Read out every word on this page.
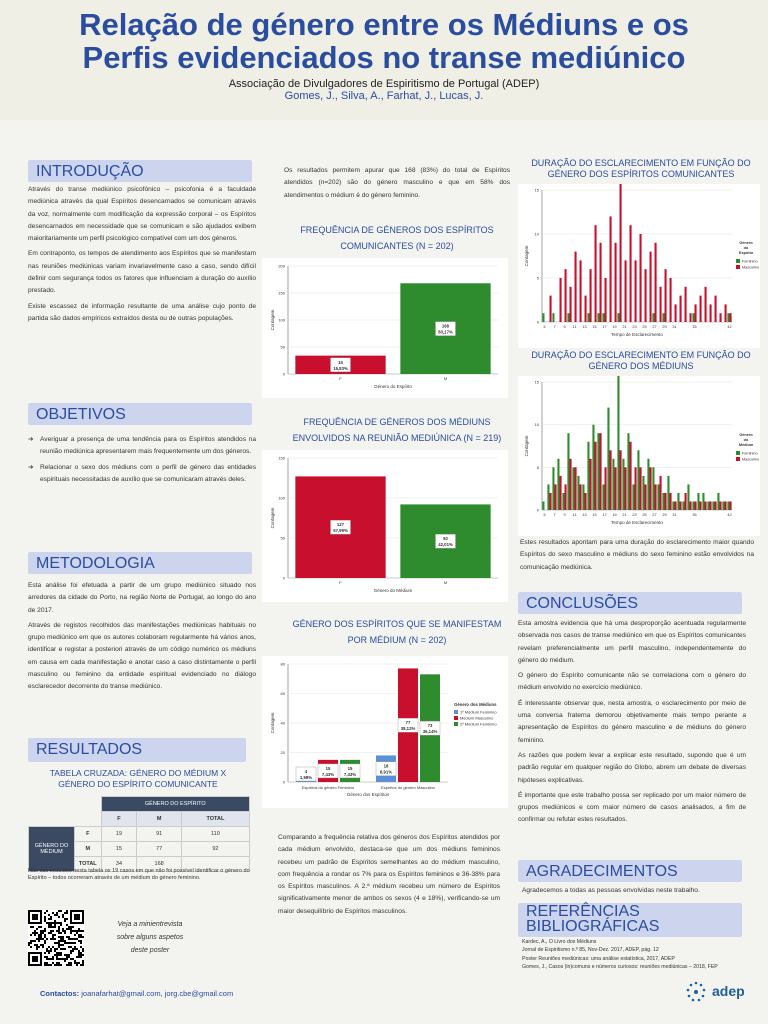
Relação de género entre os Médiuns e os
Perfis evidenciados no transe mediúnico
Associação de Divulgadores de Espiritismo de Portugal (ADEP)
Gomes, J., Silva, A., Farhat, J., Lucas, J.
INTRODUÇÃO

Através do transe mediúnico psicofónico – psicofonia é a faculdade mediúnica através da qual Espíritos desencarnados se comunicam através da voz, normalmente com modificação da expressão corporal – os Espíritos desencarnados em necessidade que se comunicam e são ajudados exibem maioritariamente um perfil psicológico compatível com um dos géneros.

Em contraponto, os tempos de atendimento aos Espíritos que se manifestam nas reuniões mediúnicas variam invariavelmente caso a caso, sendo difícil definir com segurança todos os fatores que influenciam a duração do auxílio prestado.

Existe escassez de informação resultante de uma análise cujo ponto de partida são dados empíricos extraídos desta ou de outras populações.

OBJETIVOS

➔ Averiguar a presença de uma tendência para os Espíritos atendidos na reunião mediúnica apresentarem mais frequentemente um dos géneros.

➔ Relacionar o sexo dos médiuns com o perfil de género das entidades espirituais necessitadas de auxílio que se comunicaram através deles.

METODOLOGIA

Esta análise foi efetuada a partir de um grupo mediúnico situado nos arredores da cidade do Porto, na região Norte de Portugal, ao longo do ano de 2017.

Através de registos recolhidos das manifestações mediúnicas habituais no grupo mediúnico em que os autores colaboram regularmente há vários anos, identificar e registar a posteriori através de um código numérico os médiuns em causa em cada manifestação e anotar caso a caso distintamente o perfil masculino ou feminino da entidade espiritual evidenciado no diálogo esclarecedor decorrente do transe mediúnico.

RESULTADOS
TABELA CRUZADA: GÉNERO DO MÉDIUM X
GÉNERO DO ESPÍRITO COMUNICANTE
		GÉNERO DO ESPÍRITO		
		F	M	TOTAL
GÉNERO DO MÉDIUM	F	19	91	110
	M	15	77	92
	TOTAL	34	168	
Não são incluídos nesta tabela os 19 casos em que não foi possível identificar o género do Espírito – todos ocorreram através de um médium do género feminino.
Veja a minientrevista
sobre alguns aspetos
deste poster
Contactos: joanafarhat@gmail.com, jorg.cbe@gmail.com
Os resultados permitem apurar que 168 (83%) do total de Espíritos atendidos (n=202) são do género masculino e que em 58% dos atendimentos o médium é do género feminino.
FREQUÊNCIA DE GÉNEROS DOS ESPÍRITOS COMUNICANTES (N = 202)
0
50
100
150
200
Género do Espírito
Contagem
34
16,83%
F
168
83,17%
M
FREQUÊNCIA DE GÉNEROS DOS MÉDIUNS ENVOLVIDOS NA REUNIÃO MEDIÚNICA (N = 219)
0
50
100
150
Género do Médium
Contagem	127
57,99%
F
92
42,01%
M
GÉNERO DOS ESPÍRITOS QUE SE MANIFESTAM POR MÉDIUM (N = 202)
0
20
40
60
80
Género dos Espíritos
Contagem
4
1,98%
15
7,43%
15
7,43%
Espíritos do género Feminino
18
8,91%
77
38,12%
73
36,14%
Espíritos do género Masculino
Género dos Médiuns
1º Médium Feminino
Médium Masculino
2º Médium Feminino
Comparando a frequência relativa dos géneros dos Espíritos atendidos por cada médium envolvido, destaca-se que um dos médiuns femininos recebeu um padrão de Espíritos semelhantes ao do médium masculino, com frequência a rondar os 7% para os Espíritos femininos e 36-38% para os Espíritos masculinos. A 2.ª médium recebeu um número de Espíritos significativamente menor de ambos os sexos (4 e 18%), verificando-se um maior desequilíbrio de Espíritos masculinos.
DURAÇÃO DO ESCLARECIMENTO EM FUNÇÃO DO GÉNERO DOS ESPÍRITOS COMUNICANTES
0
5
10
15
Tempo de Esclarecimento
Contagem
5 7 9 11 13 15 17 19 21 23 25 27 29 31	35	42
Género
do
Espírito
Feminino
Masculino
DURAÇÃO DO ESCLARECIMENTO EM FUNÇÃO DO GÉNERO DOS MÉDIUNS
0
5
10
15
Tempo de Esclarecimento
Contagem
5 7 9 11 13 15 17 19 21 23 25 27 29 31	35	42
Género
do
Médium
Feminino
Masculino
Estes resultados apontam para uma duração do esclarecimento maior quando Espíritos do sexo masculino e médiuns do sexo feminino estão envolvidos na comunicação mediúnica.
CONCLUSÕES

Esta amostra evidencia que há uma desproporção acentuada regularmente observada nos casos de transe mediúnico em que os Espíritos comunicantes revelam preferencialmente um perfil masculino, independentemente do género do médium.

O género do Espírito comunicante não se correlaciona com o género do médium envolvido no exercício mediúnico.

É interessante observar que, nesta amostra, o esclarecimento por meio de uma conversa fraterna demorou objetivamente mais tempo perante a apresentação de Espíritos do género masculino e de médiuns do género feminino.

As razões que podem levar a explicar este resultado, supondo que é um padrão regular em qualquer região do Globo, abrem um debate de diversas hipóteses explicativas.

É importante que este trabalho possa ser replicado por um maior número de grupos mediúnicos e com maior número de casos analisados, a fim de confirmar ou refutar estes resultados.

AGRADECIMENTOS
Agradecemos a todas as pessoas envolvidas neste trabalho.
REFERÊNCIAS
BIBLIOGRÁFICAS
Kardec, A., O Livro dos Médiuns
Jornal de Espiritismo n.º 85, Nov-Dez. 2017, ADEP, pág. 12
Poster Reuniões mediúnicas: uma análise estatística, 2017, ADEP
Gomes, J., Casos (in)comuns e números curiosos: reuniões mediúnicas – 2018, FEP
adep
